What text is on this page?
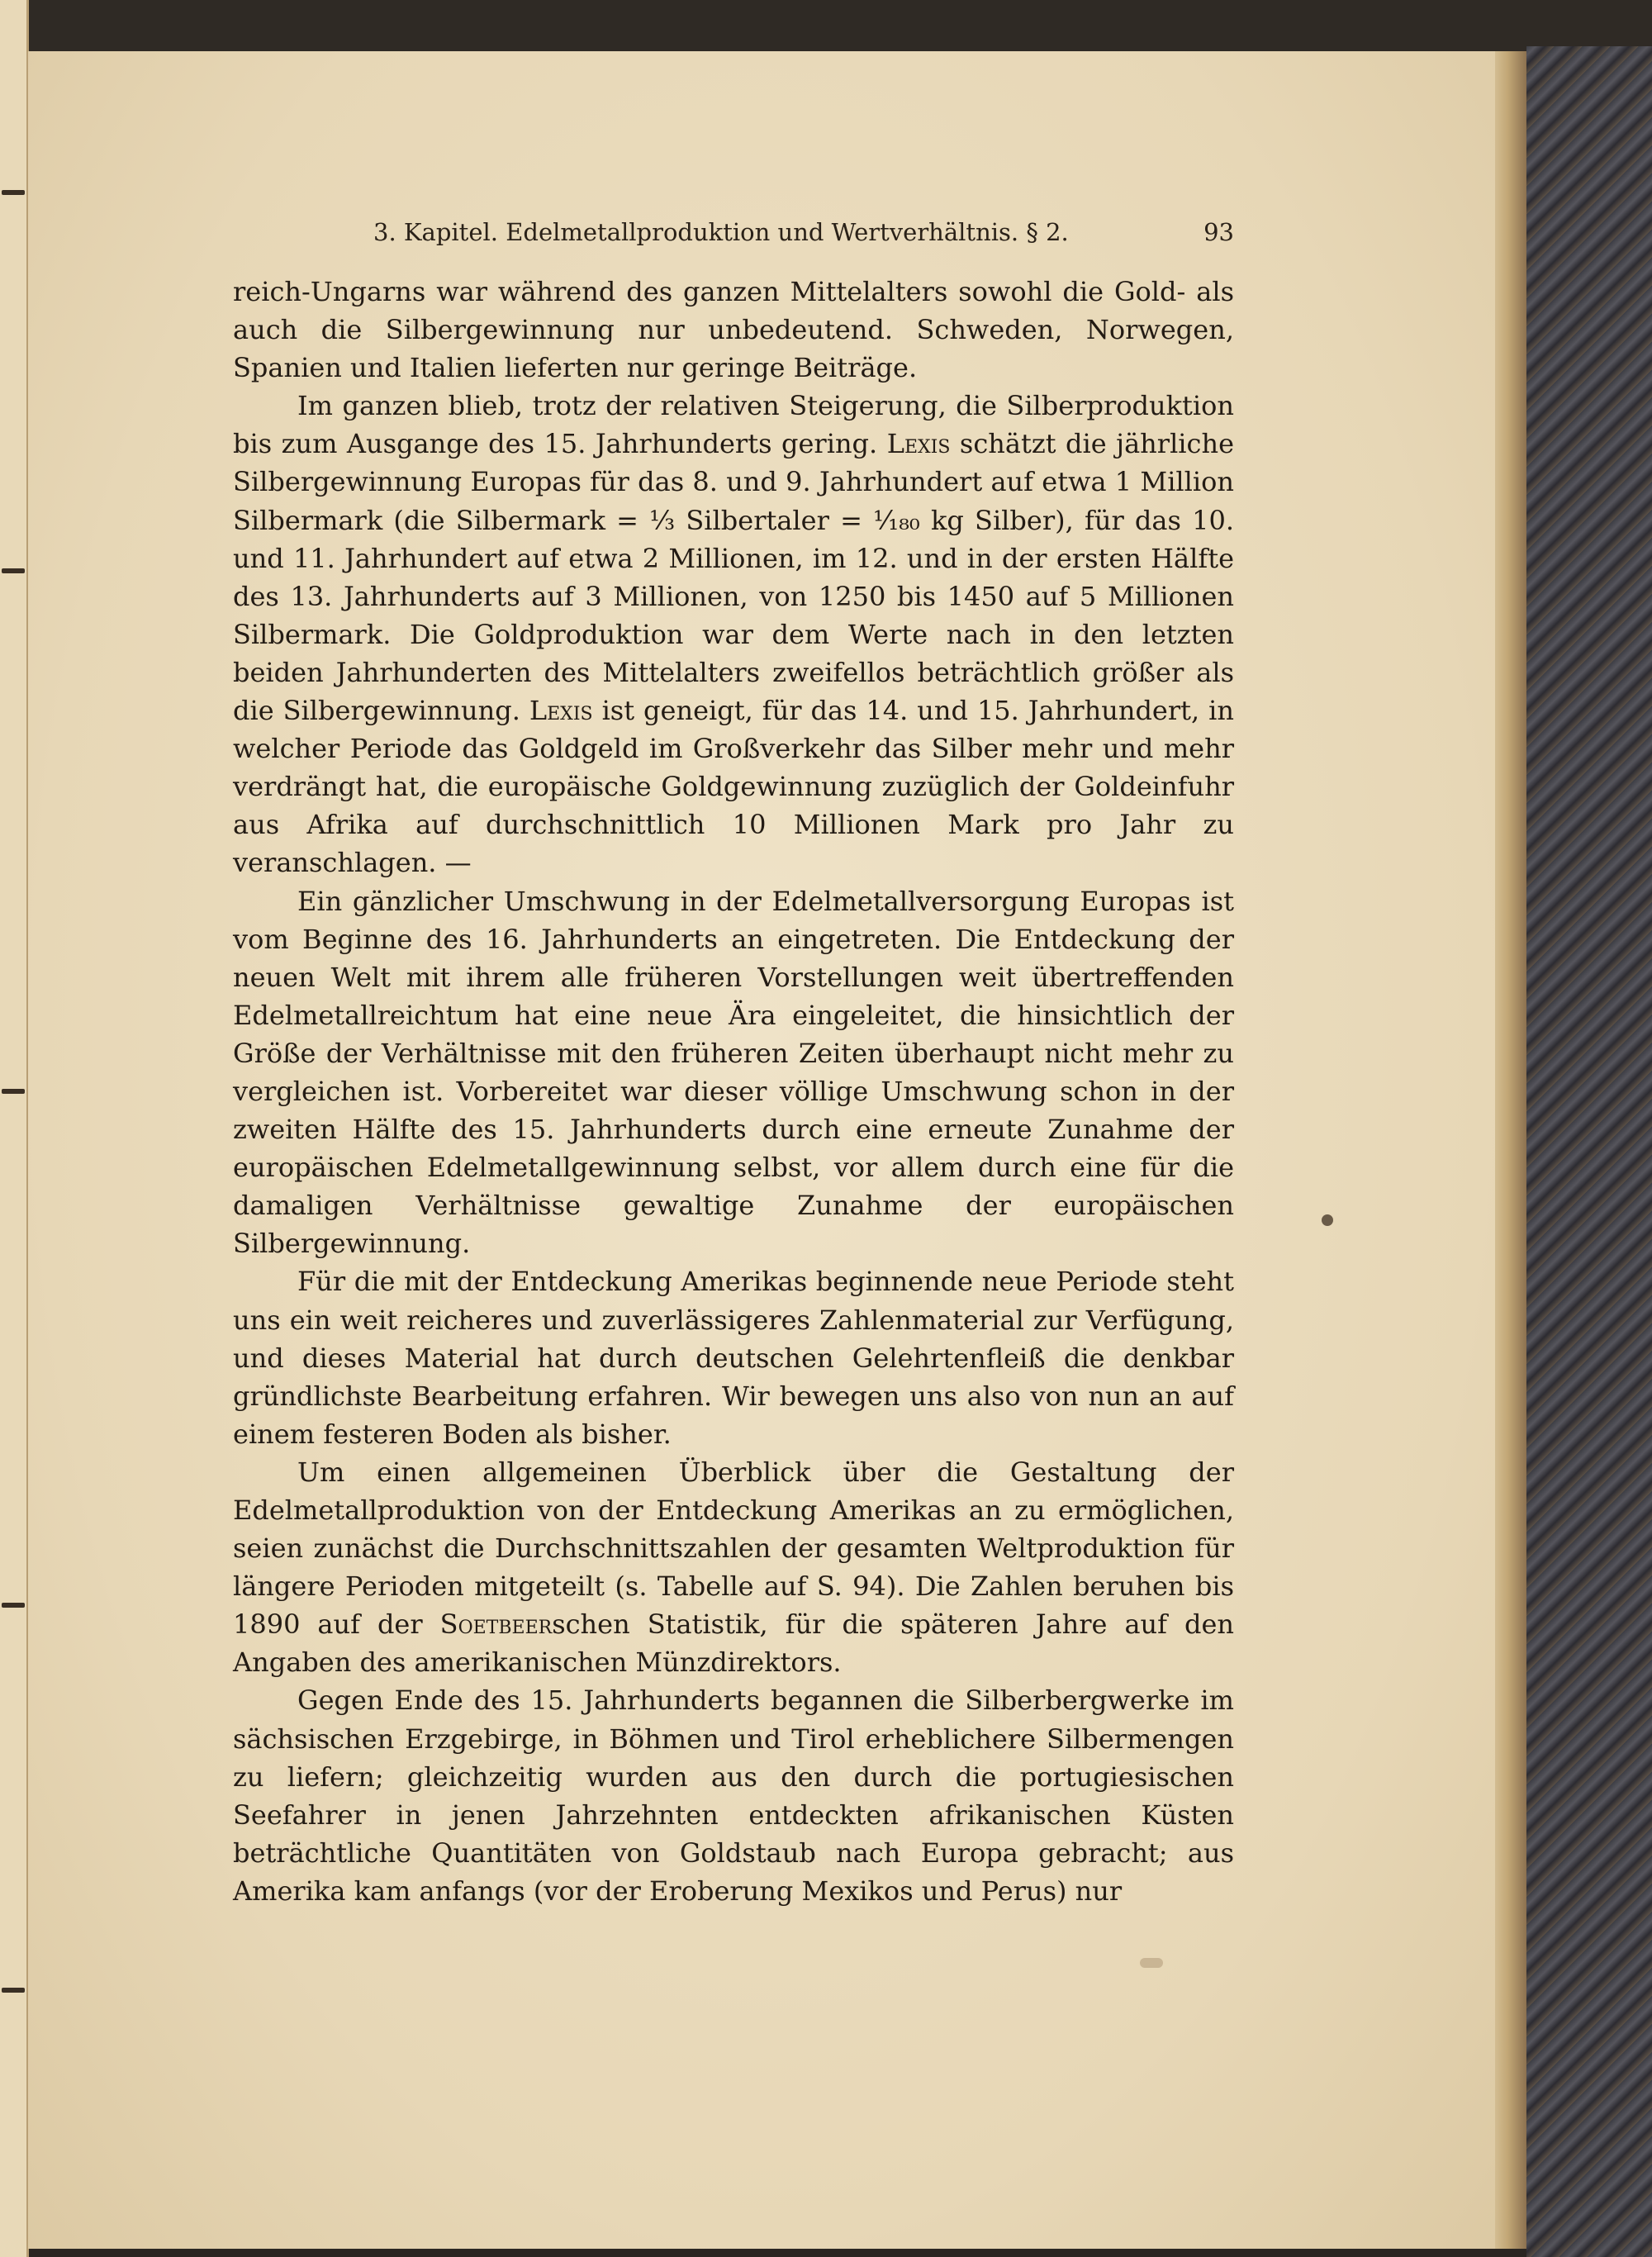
3. Kapitel. Edelmetallproduktion und Wertverhältnis. § 2.	93

reich-Ungarns war während des ganzen Mittelalters sowohl die Gold- als auch die Silbergewinnung nur unbedeutend. Schweden, Norwegen, Spanien und Italien lieferten nur geringe Beiträge.

Im ganzen blieb, trotz der relativen Steigerung, die Silberproduktion bis zum Ausgange des 15. Jahrhunderts gering. Lexis schätzt die jährliche Silbergewinnung Europas für das 8. und 9. Jahrhundert auf etwa 1 Million Silbermark (die Silbermark = ⅓ Silbertaler = ¹⁄₁₈₀ kg Silber), für das 10. und 11. Jahrhundert auf etwa 2 Millionen, im 12. und in der ersten Hälfte des 13. Jahrhunderts auf 3 Millionen, von 1250 bis 1450 auf 5 Millionen Silbermark. Die Goldproduktion war dem Werte nach in den letzten beiden Jahrhunderten des Mittelalters zweifellos beträchtlich größer als die Silbergewinnung. Lexis ist geneigt, für das 14. und 15. Jahrhundert, in welcher Periode das Goldgeld im Großverkehr das Silber mehr und mehr verdrängt hat, die europäische Goldgewinnung zuzüglich der Goldeinfuhr aus Afrika auf durchschnittlich 10 Millionen Mark pro Jahr zu veranschlagen. —

Ein gänzlicher Umschwung in der Edelmetallversorgung Europas ist vom Beginne des 16. Jahrhunderts an eingetreten. Die Entdeckung der neuen Welt mit ihrem alle früheren Vorstellungen weit übertreffenden Edelmetallreichtum hat eine neue Ära eingeleitet, die hinsichtlich der Größe der Verhältnisse mit den früheren Zeiten überhaupt nicht mehr zu vergleichen ist. Vorbereitet war dieser völlige Umschwung schon in der zweiten Hälfte des 15. Jahrhunderts durch eine erneute Zunahme der europäischen Edelmetallgewinnung selbst, vor allem durch eine für die damaligen Verhältnisse gewaltige Zunahme der europäischen Silbergewinnung.

Für die mit der Entdeckung Amerikas beginnende neue Periode steht uns ein weit reicheres und zuverlässigeres Zahlenmaterial zur Verfügung, und dieses Material hat durch deutschen Gelehrtenfleiß die denkbar gründlichste Bearbeitung erfahren. Wir bewegen uns also von nun an auf einem festeren Boden als bisher.

Um einen allgemeinen Überblick über die Gestaltung der Edelmetallproduktion von der Entdeckung Amerikas an zu ermöglichen, seien zunächst die Durchschnittszahlen der gesamten Weltproduktion für längere Perioden mitgeteilt (s. Tabelle auf S. 94). Die Zahlen beruhen bis 1890 auf der Soetbeerschen Statistik, für die späteren Jahre auf den Angaben des amerikanischen Münzdirektors.

Gegen Ende des 15. Jahrhunderts begannen die Silberbergwerke im sächsischen Erzgebirge, in Böhmen und Tirol erheblichere Silbermengen zu liefern; gleichzeitig wurden aus den durch die portugiesischen Seefahrer in jenen Jahrzehnten entdeckten afrikanischen Küsten beträchtliche Quantitäten von Goldstaub nach Europa gebracht; aus Amerika kam anfangs (vor der Eroberung Mexikos und Perus) nur
